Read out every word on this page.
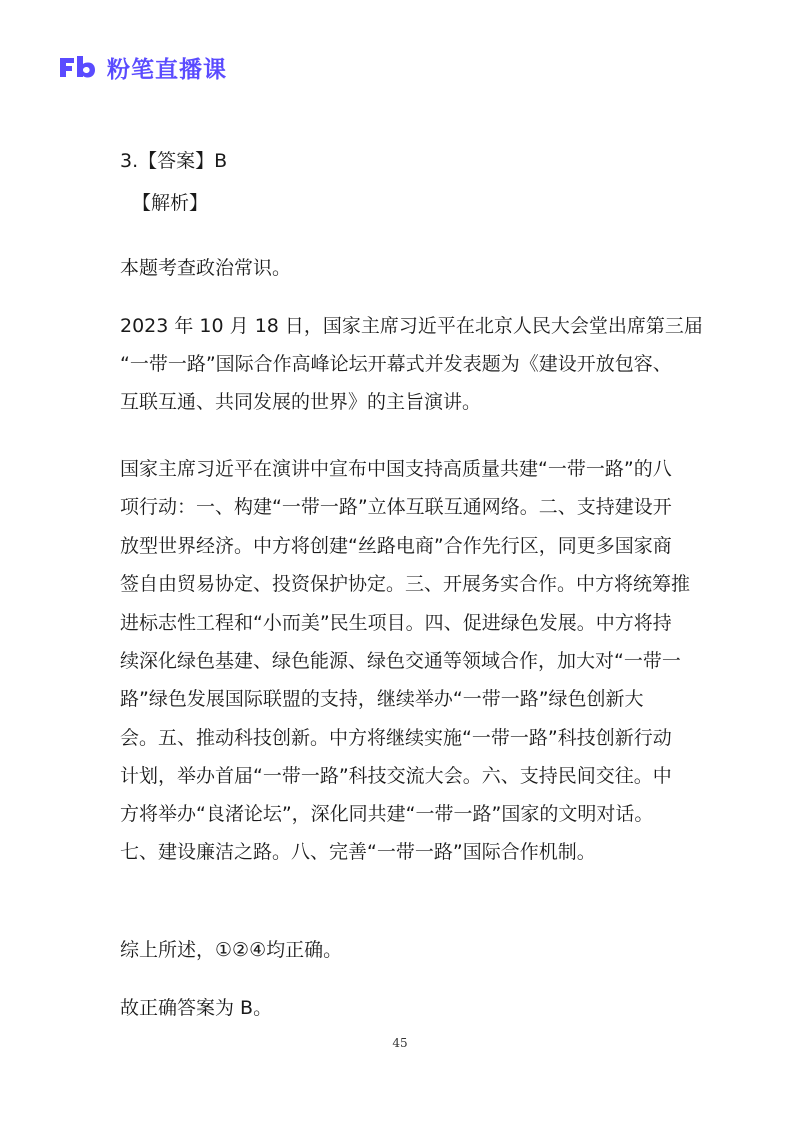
粉笔直播课
3.【答案】B
【解析】
本题考查政治常识。
2023 年 10 月 18 日，国家主席习近平在北京人民大会堂出席第三届
“一带一路”国际合作高峰论坛开幕式并发表题为《建设开放包容、
互联互通、共同发展的世界》的主旨演讲。
国家主席习近平在演讲中宣布中国支持高质量共建“一带一路”的八
项行动：一、构建“一带一路”立体互联互通网络。二、支持建设开
放型世界经济。中方将创建“丝路电商”合作先行区，同更多国家商
签自由贸易协定、投资保护协定。三、开展务实合作。中方将统筹推
进标志性工程和“小而美”民生项目。四、促进绿色发展。中方将持
续深化绿色基建、绿色能源、绿色交通等领域合作，加大对“一带一
路”绿色发展国际联盟的支持，继续举办“一带一路”绿色创新大
会。五、推动科技创新。中方将继续实施“一带一路”科技创新行动
计划，举办首届“一带一路”科技交流大会。六、支持民间交往。中
方将举办“良渚论坛”，深化同共建“一带一路”国家的文明对话。
七、建设廉洁之路。八、完善“一带一路”国际合作机制。
综上所述，①②④均正确。
故正确答案为 B。
45
